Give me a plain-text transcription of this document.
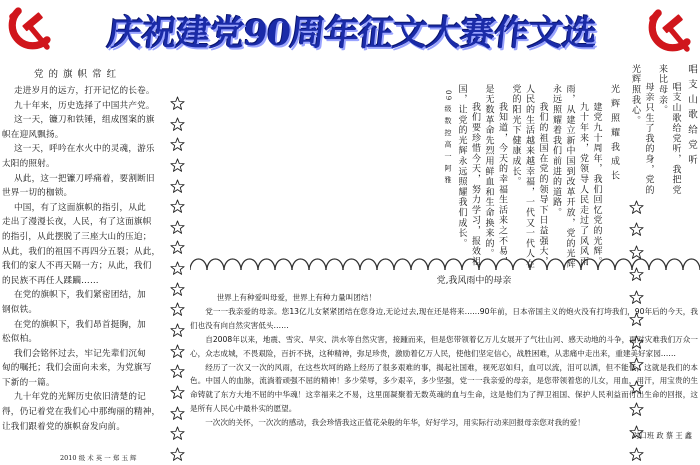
庆祝建党90周年征文大赛作文选
党 的 旗 帜 常 红
走进岁月的远方，打开记忆的长卷。
九十年来，历史选择了中国共产党。
这一天，镰刀和铁锤，组成图案的旗
帜在迎风飘扬。
这一天，呼吟在水火中的灵魂，游乐
太阳的照射。
从此，这一把镰刀呼痛着，要割断旧
世界一切的枷锁。
中国，有了这面旗帜的指引，从此
走出了漫漫长夜，人民，有了这面旗帜
的指引，从此摆脱了三座大山的压迫；
从此，我们的祖国不再四分五裂；从此，
我们的家人不再天隔一方；从此，我们
的民族不再任人蹂躏……
在党的旗帜下，我们紧密团结，加
钢似铁。
在党的旗帜下，我们昂首挺胸，加
松似柏。
我们会铭怀过去，牢记先辈们沉甸
甸的嘱托；我们会面向未来，为党旗写
下新的一篇。
九十年党的光辉历史依旧清楚的记
得，仍记着党在我们心中那绚丽的精神，
让我们跟着党的旗帜奋发向前。
2010 级 术 英 一 郑 玉 辉
光 辉 照 耀 我 成 长
建党九十周年，我们回忆党的光辉。
九十年来，党领导人民走过了风风雨雨，从建立新中国到改革开放，党的光辉永远照耀着我们前进的道路。
我们的祖国在党的领导下日益强大，人民的生活越来越幸福，一代又一代人在党的阳光下健康成长。
我知道，今天的幸福生活来之不易，是无数革命先烈用鲜血和生命换来的。
我们要珍惜今天，努力学习，报效祖国，让党的光辉永远照耀我们成长。
09 级 数 控 高 一 阿 雅	唱 支 山 歌 给 党 听
唱支山歌给党听，我把党来比母亲。
母亲只生了我的身，党的光辉照我心。
党,我风雨中的母亲

世界上有种爱叫母爱，世界上有种力量叫团结！

党一一我亲爱的母亲。您13亿儿女紧紧团结在您身边,无论过去,现在还是将来……90年前，日本帝国主义的炮火没有打垮我们，90年后的今天，我们也没有向自然灾害低头……

自2008年以来，地震、雪灾、旱灾、洪水等自然灾害，接踵而来，但是您带领着亿万儿女展开了气壮山河、感天动地的斗争，面对灾难我们万众一心，众志成城，不畏艰险，百折不挠，这种精神，弥足珍贵，激励着亿万人民，使他们坚定信心，战胜困难，从悲痛中走出来，重建美好家园……

经历了一次又一次的风雨，在这些坎坷的路上经历了很多艰难的事，揭起社国难，视死忍如归，血可以流，泪可以洒，但不能低，这就是我们的本色。中国人的血脉，流淌着顽强不屈的精神！多少荣辱，多少艰辛，多少坚强，党一一我亲爱的母亲，是您带领着您的儿女，用血，用汗，用宝贵的生命铸就了东方大地不屈的中华魂！这幸福来之不易，这里面凝聚着无数英魂的血与生命，这是他们为了捍卫祖国、保护人民利益而付出生命的回报，这是所有人民心中最朴实的愿望。

一次次的关怀，一次次的感动，我会珍惜我这正值花朵般的年华，好好学习，用实际行动来回报母亲您对我的爱！

对口班 政 蔡 王 鑫
